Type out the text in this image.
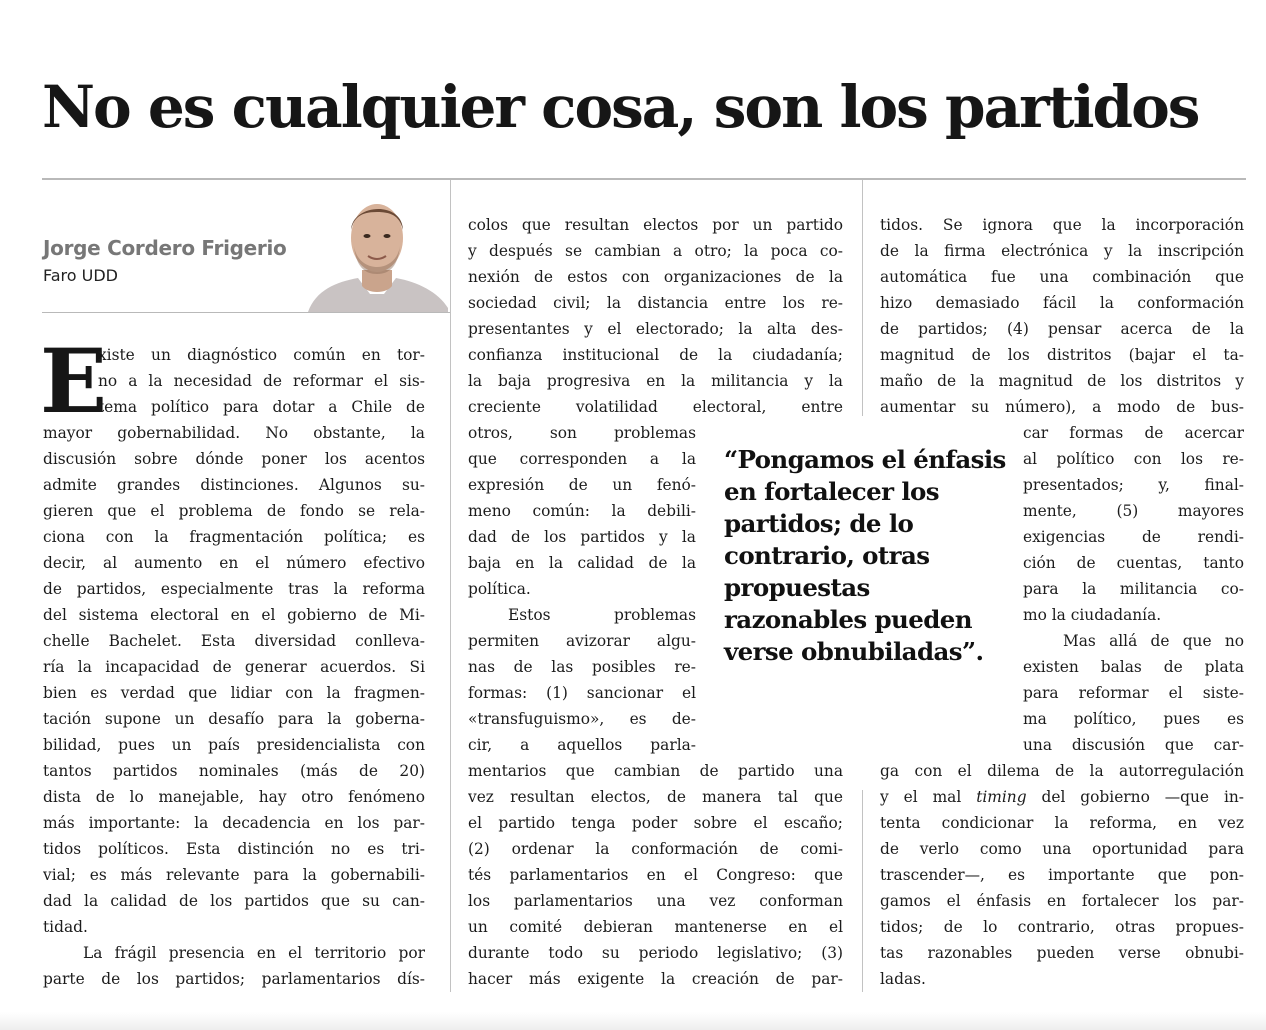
No es cualquier cosa, son los partidos

Jorge Cordero Frigerio

Faro UDD

E
xiste un diagnóstico común en tor-
no a la necesidad de reformar el sis-
tema político para dotar a Chile de
mayor gobernabilidad. No obstante, la
discusión sobre dónde poner los acentos
admite grandes distinciones. Algunos su-
gieren que el problema de fondo se rela-
ciona con la fragmentación política; es
decir, al aumento en el número efectivo
de partidos, especialmente tras la reforma
del sistema electoral en el gobierno de Mi-
chelle Bachelet. Esta diversidad conlleva-
ría la incapacidad de generar acuerdos. Si
bien es verdad que lidiar con la fragmen-
tación supone un desafío para la goberna-
bilidad, pues un país presidencialista con
tantos partidos nominales (más de 20)
dista de lo manejable, hay otro fenómeno
más importante: la decadencia en los par-
tidos políticos. Esta distinción no es tri-
vial; es más relevante para la gobernabili-
dad la calidad de los partidos que su can-
tidad.
La frágil presencia en el territorio por
parte de los partidos; parlamentarios dís-
colos que resultan electos por un partido
y después se cambian a otro; la poca co-
nexión de estos con organizaciones de la
sociedad civil; la distancia entre los re-
presentantes y el electorado; la alta des-
confianza institucional de la ciudadanía;
la baja progresiva en la militancia y la
creciente volatilidad electoral, entre
otros, son problemas
que corresponden a la
expresión de un fenó-
meno común: la debili-
dad de los partidos y la
baja en la calidad de la
política.
Estos problemas
permiten avizorar algu-
nas de las posibles re-
formas: (1) sancionar el
«transfuguismo», es de-
cir, a aquellos parla-
mentarios que cambian de partido una
vez resultan electos, de manera tal que
el partido tenga poder sobre el escaño;
(2) ordenar la conformación de comi-
tés parlamentarios en el Congreso: que
los parlamentarios una vez conforman
un comité debieran mantenerse en el
durante todo su periodo legislativo; (3)
hacer más exigente la creación de par-

“Pongamos el énfasis en fortalecer los partidos; de lo contrario, otras propuestas razonables pueden verse obnubiladas”.

tidos. Se ignora que la incorporación
de la firma electrónica y la inscripción
automática fue una combinación que
hizo demasiado fácil la conformación
de partidos; (4) pensar acerca de la
magnitud de los distritos (bajar el ta-
maño de la magnitud de los distritos y
aumentar su número), a modo de bus-
car formas de acercar
al político con los re-
presentados; y, final-
mente, (5) mayores
exigencias de rendi-
ción de cuentas, tanto
para la militancia co-
mo la ciudadanía.
Mas allá de que no
existen balas de plata
para reformar el siste-
ma político, pues es
una discusión que car-
ga con el dilema de la autorregulación
y el mal timing del gobierno —que in-
tenta condicionar la reforma, en vez
de verlo como una oportunidad para
trascender—, es importante que pon-
gamos el énfasis en fortalecer los par-
tidos; de lo contrario, otras propues-
tas razonables pueden verse obnubi-
ladas.
